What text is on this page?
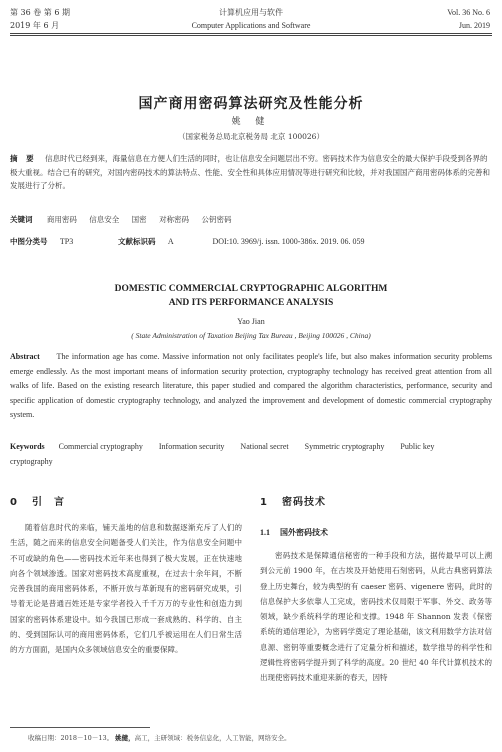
第 36 卷 第 6 期
2019 年 6 月
计算机应用与软件
Computer Applications and Software
Vol. 36 No. 6
Jun. 2019
国产商用密码算法研究及性能分析
姚 健
（国家税务总局北京税务局 北京 100026）
摘 要 信息时代已经到来，海量信息在方便人们生活的同时，也让信息安全问题层出不穷。密码技术作为信息安全的最大保护手段受到各界的极大重视。结合已有的研究，对国内密码技术的算法特点、性能、安全性和具体应用情况等进行研究和比较，并对我国国产商用密码体系的完善和发展进行了分析。
关键词 商用密码 信息安全 国密 对称密码 公钥密码
中图分类号 TP3	文献标识码 A	DOI:10. 3969/j. issn. 1000-386x. 2019. 06. 059
DOMESTIC COMMERCIAL CRYPTOGRAPHIC ALGORITHM
AND ITS PERFORMANCE ANALYSIS
Yao Jian
( State Administration of Taxation Beijing Tax Bureau , Beijing 100026 , China)
Abstract The information age has come. Massive information not only facilitates people's life, but also makes information security problems emerge endlessly. As the most important means of information security protection, cryptography technology has received great attention from all walks of life. Based on the existing research literature, this paper studied and compared the algorithm characteristics, performance, security and specific application of domestic cryptography technology, and analyzed the improvement and development of domestic commercial cryptography system.
Keywords Commercial cryptography Information security National secret Symmetric cryptography Public key cryptography
0 引言
随着信息时代的来临，铺天盖地的信息和数据逐渐充斥了人们的生活，随之而来的信息安全问题备受人们关注，作为信息安全问题中不可或缺的角色——密码技术近年来也得到了极大发展，正在快速地向各个领域渗透。国家对密码技术高度重视，在过去十余年间，不断完善我国的商用密码体系，不断开放与革新现有的密码研究成果，引导着无论是普通百姓还是专家学者投入千千万万的专业性和创造力到国家的密码体系建设中。如今我国已形成一套成熟的、科学的、自主的、受到国际认可的商用密码体系，它们几乎被运用在人们日常生活的方方面面，是国内众多领域信息安全的重要保障。
1 密码技术
1.1 国外密码技术
密码技术是保障通信秘密的一种手段和方法，据传最早可以上溯到公元前 1900 年，在古埃及开始使用石刻密码，从此古典密码算法登上历史舞台，较为典型的有 caeser 密码、vigenere 密码，此时的信息保护大多依靠人工完成，密码技术仅局限于军事、外交、政务等领域，缺少系统科学的理论和支撑。1948 年 Shannon 发表《保密系统的通信理论》，为密码学奠定了理论基础，该文利用数学方法对信息源、密钥等重要概念进行了定量分析和描述，数学推导的科学性和逻辑性将密码学提升到了科学的高度。20 世纪 40 年代计算机技术的出现使密码技术重迎来新的春天，因特
收稿日期：2018－10－13。 姚健，高工，主研领域：税务信息化，人工智能，网络安全。
